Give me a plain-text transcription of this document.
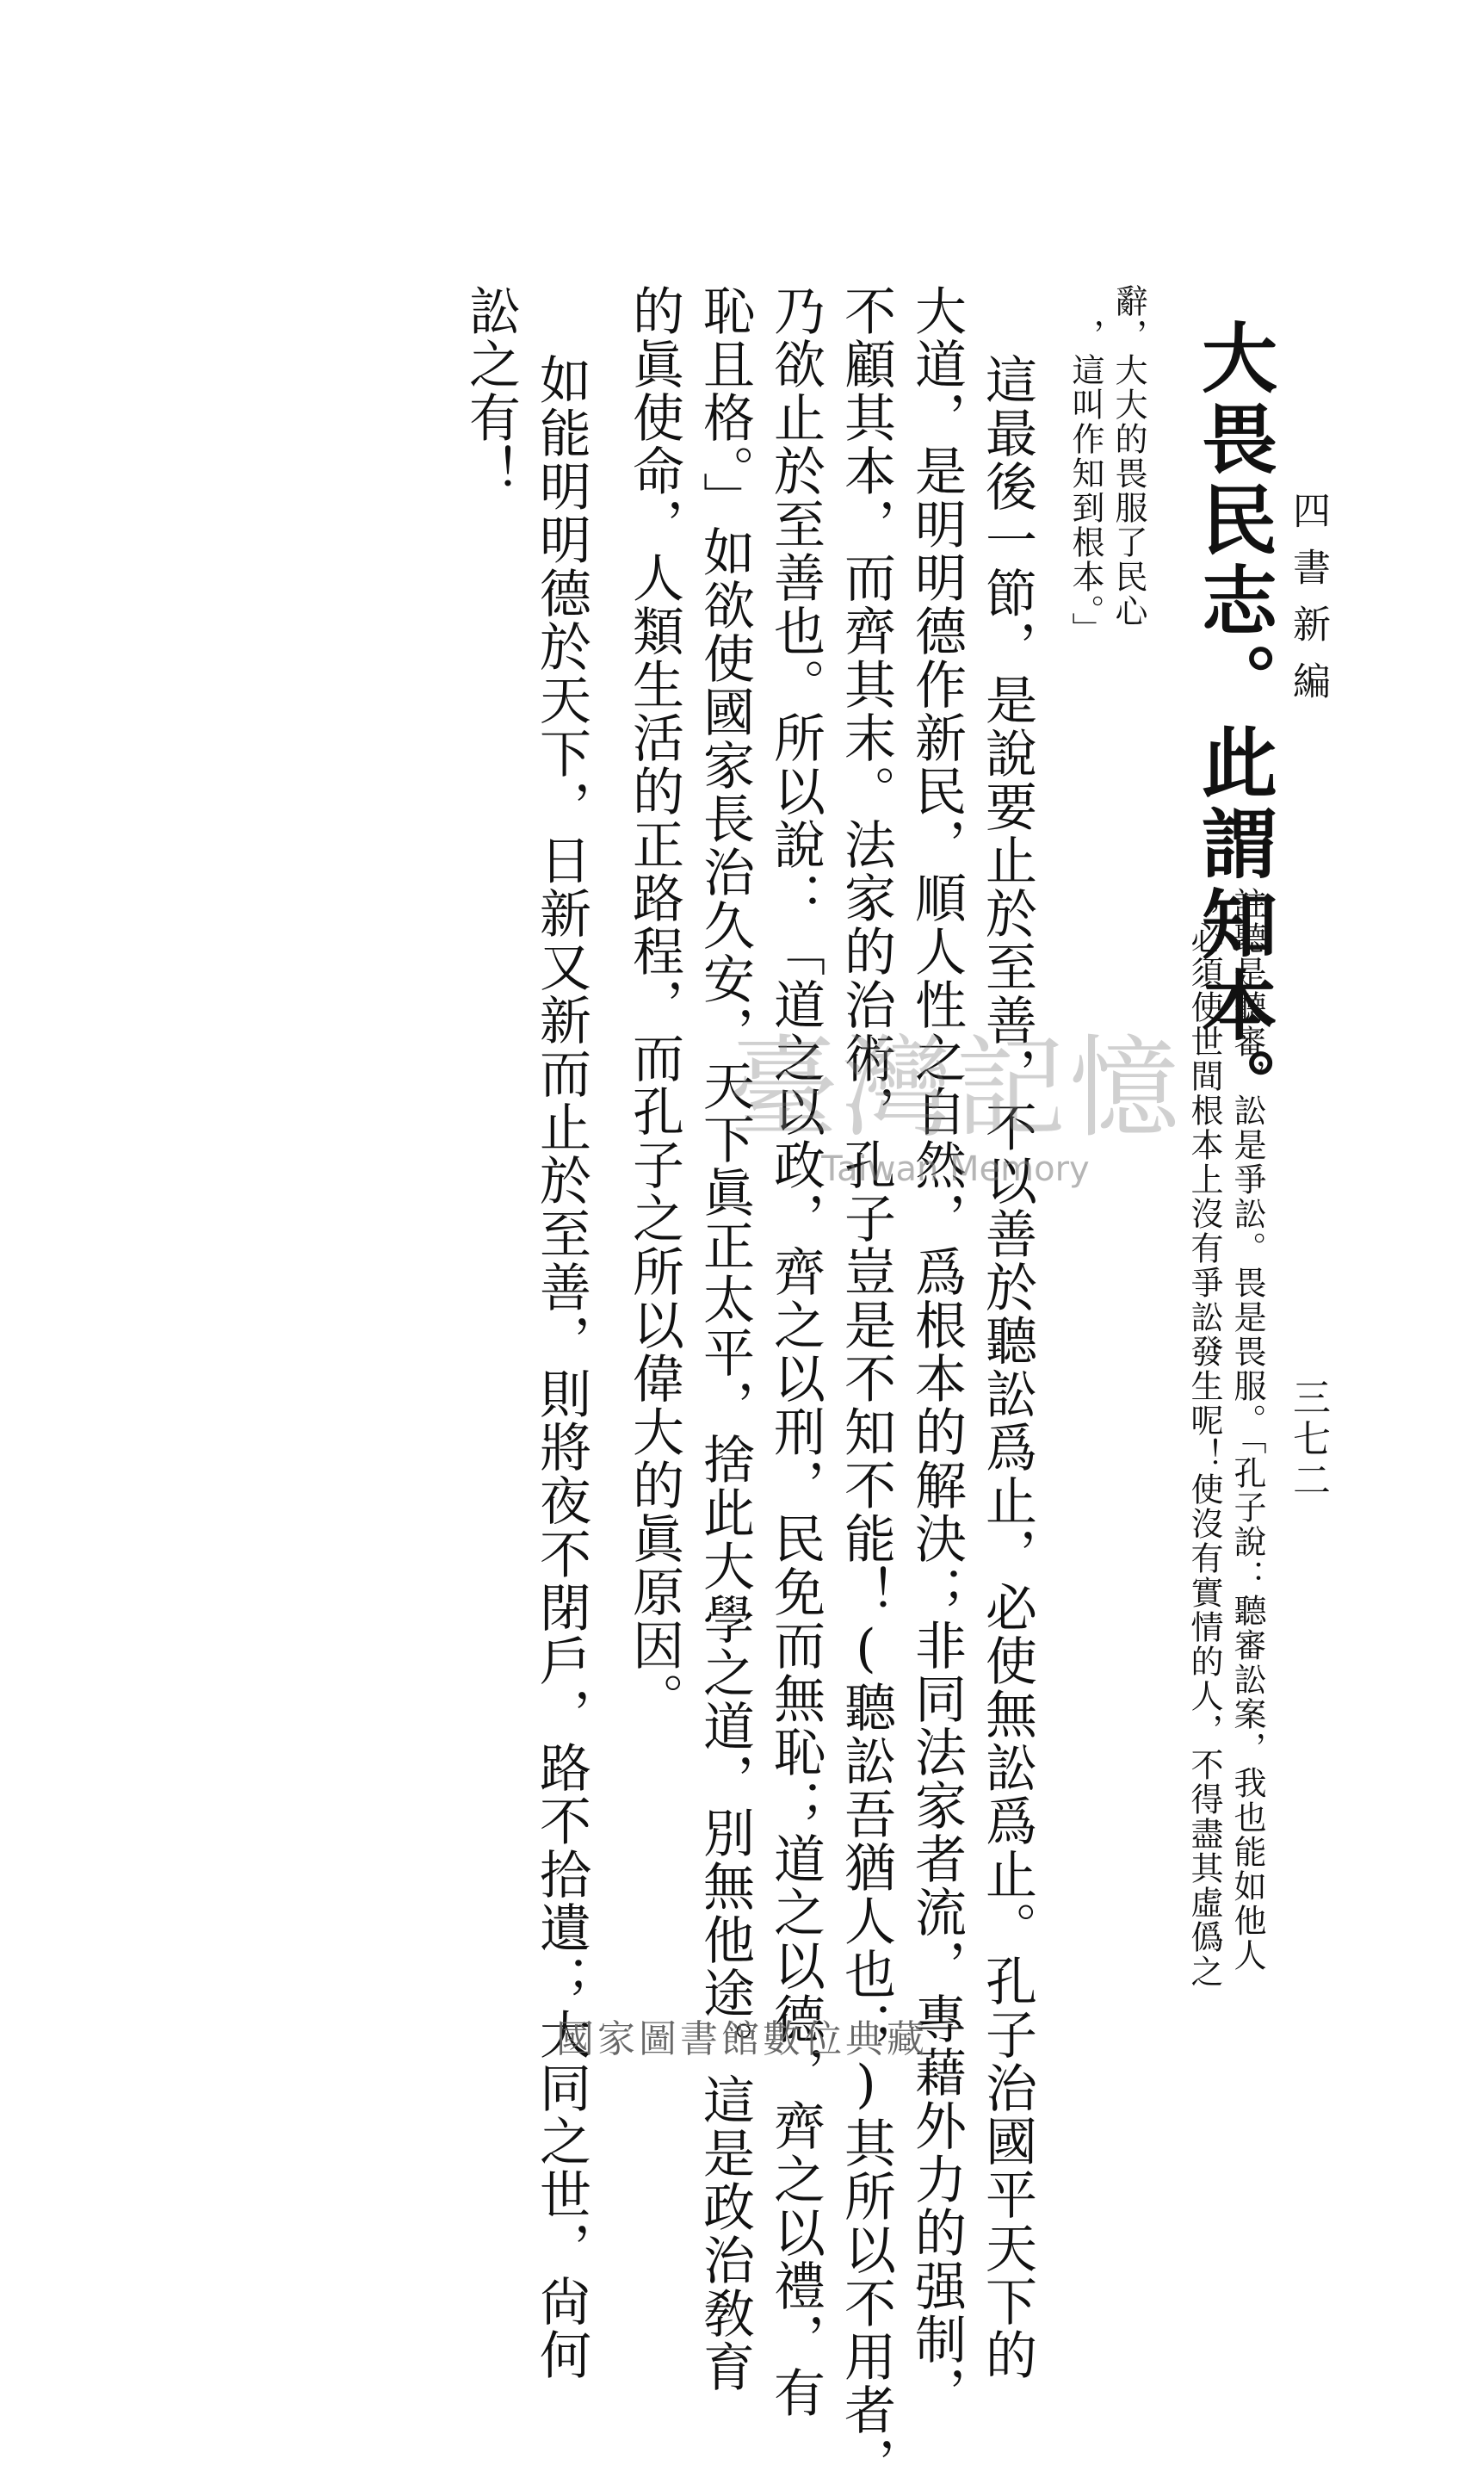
四書新編
三七二
大畏民志。此謂知本。
註聽是聽審，訟是爭訟。畏是畏服。「孔子說：聽審訟案，我也能如他人
；必須使世間根本上沒有爭訟發生呢！使沒有實情的人，不得盡其虛僞之
辭，大大的畏服了民心
，這叫作知到根本。」
這最後一節，是說要止於至善，不以善於聽訟爲止，必使無訟爲止。孔子治國平天下的
大道，是明明德作新民，順人性之自然，爲根本的解決；非同法家者流，專藉外力的强制，
不顧其本，而齊其末。法家的治術，孔子豈是不知不能！(聽訟吾猶人也；)其所以不用者，
乃欲止於至善也。所以說：「道之以政，齊之以刑，民免而無恥；道之以德，齊之以禮，有
恥且格。」如欲使國家長治久安，天下眞正太平，捨此大學之道，別無他途。這是政治敎育
的眞使命，人類生活的正路程，而孔子之所以偉大的眞原因。
如能明明德於天下，日新又新而止於至善，則將夜不閉戶，路不拾遺；大同之世，尙何
訟之有！
臺灣記憶
Taiwan Memory
國家圖書館數位典藏
